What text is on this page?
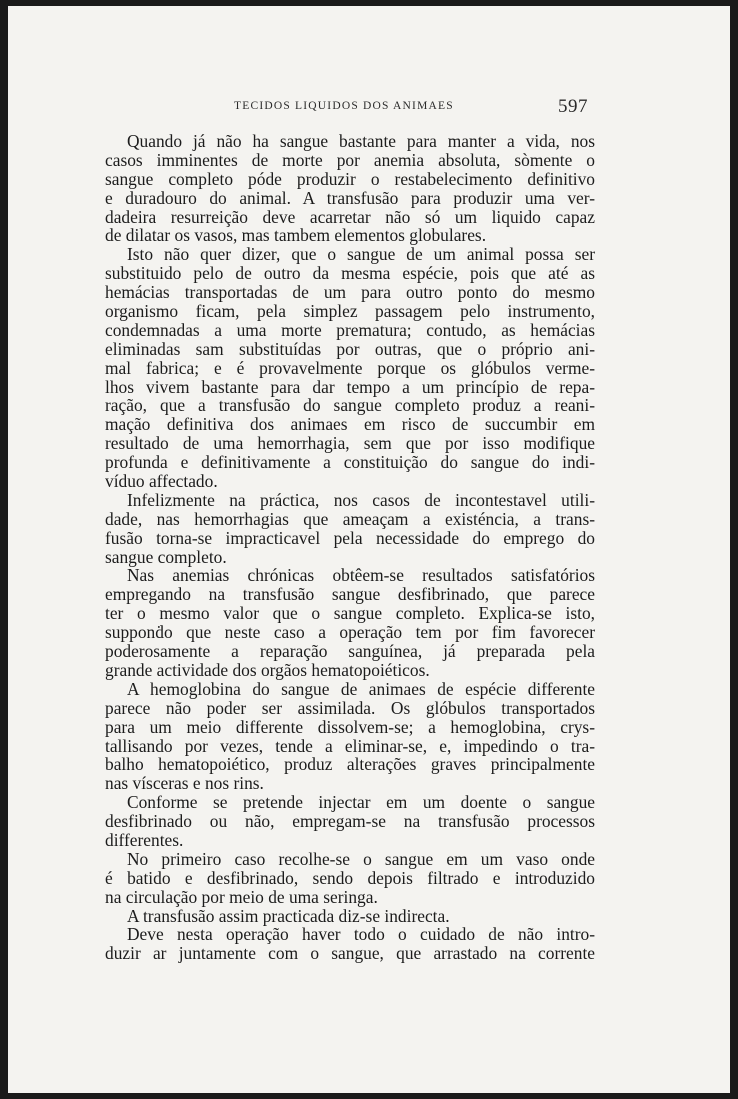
TECIDOS LIQUIDOS DOS ANIMAES	597
Quando já não ha sangue bastante para manter a vida, nos
casos imminentes de morte por anemia absoluta, sòmente o
sangue completo póde produzir o restabelecimento definitivo
e duradouro do animal. A transfusão para produzir uma ver-
dadeira resurreição deve acarretar não só um liquido capaz
de dilatar os vasos, mas tambem elementos globulares.
Isto não quer dizer, que o sangue de um animal possa ser
substituido pelo de outro da mesma espécie, pois que até as
hemácias transportadas de um para outro ponto do mesmo
organismo ficam, pela simplez passagem pelo instrumento,
condemnadas a uma morte prematura; contudo, as hemácias
eliminadas sam substituídas por outras, que o próprio ani-
mal fabrica; e é provavelmente porque os glóbulos verme-
lhos vivem bastante para dar tempo a um princípio de repa-
ração, que a transfusão do sangue completo produz a reani-
mação definitiva dos animaes em risco de succumbir em
resultado de uma hemorrhagia, sem que por isso modifique
profunda e definitivamente a constituição do sangue do indi-
víduo affectado.
Infelizmente na práctica, nos casos de incontestavel utili-
dade, nas hemorrhagias que ameaçam a existéncia, a trans-
fusão torna-se impracticavel pela necessidade do emprego do
sangue completo.
Nas anemias chrónicas obtêem-se resultados satisfatórios
empregando na transfusão sangue desfibrinado, que parece
ter o mesmo valor que o sangue completo. Explica-se isto,
supponḋo que neste caso a operação tem por fim favorecer
poderosamente a reparação sanguínea, já preparada pela
grande actividade dos orgãos hematopoiéticos.
A hemoglobina do sangue de animaes de espécie differente
parece não poder ser assimilada. Os glóbulos transportados
para um meio differente dissolvem-se; a hemoglobina, crys-
tallisando por vezes, tende a eliminar-se, e, impedindo o tra-
balho hematopoiético, produz alterações graves principalmente
nas vísceras e nos rins.
Conforme se pretende injectar em um doente o sangue
desfibrinado ou não, empregam-se na transfusão processos
differentes.
No primeiro caso recolhe-se o sangue em um vaso onde
é batido e desfibrinado, sendo depois filtrado e introduzido
na circulação por meio de uma seringa.
A transfusão assim practicada diz-se indirecta.
Deve nesta operação haver todo o cuidado de não intro-
duzir ar juntamente com o sangue, que arrastado na corrente
